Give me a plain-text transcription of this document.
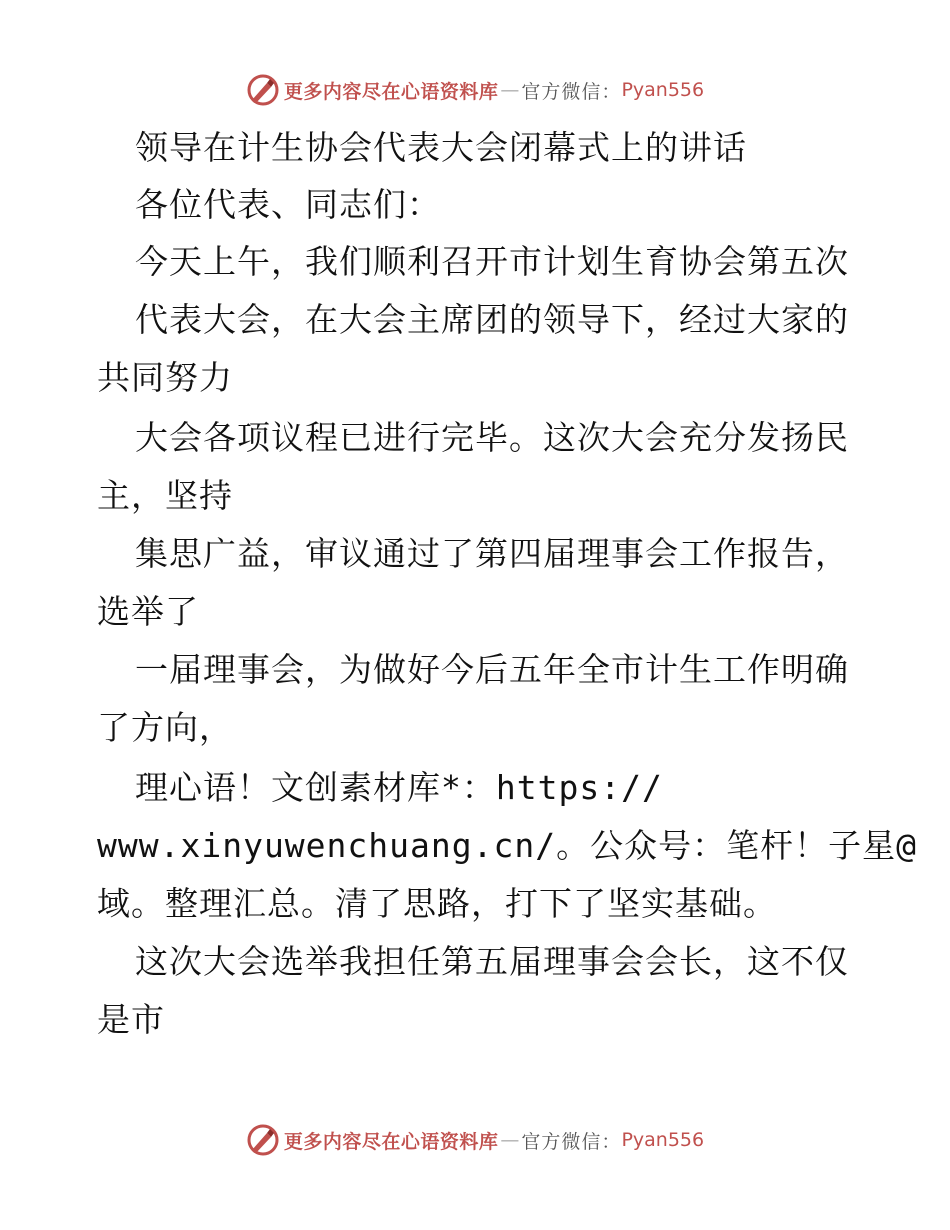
更多内容尽在心语资料库 — 官方微信： Pyan556
领导在计生协会代表大会闭幕式上的讲话
各位代表、同志们：
今天上午，我们顺利召开市计划生育协会第五次
代表大会，在大会主席团的领导下，经过大家的
共同努力
大会各项议程已进行完毕。这次大会充分发扬民
主，坚持
集思广益，审议通过了第四届理事会工作报告，
选举了
一届理事会，为做好今后五年全市计生工作明确
了方向，
理心语！文创素材库*：https://
www.xinyuwenchuang.cn/。公众号：笔杆！子星@
域。整理汇总。清了思路，打下了坚实基础。
这次大会选举我担任第五届理事会会长，这不仅
是市
更多内容尽在心语资料库 — 官方微信： Pyan556
